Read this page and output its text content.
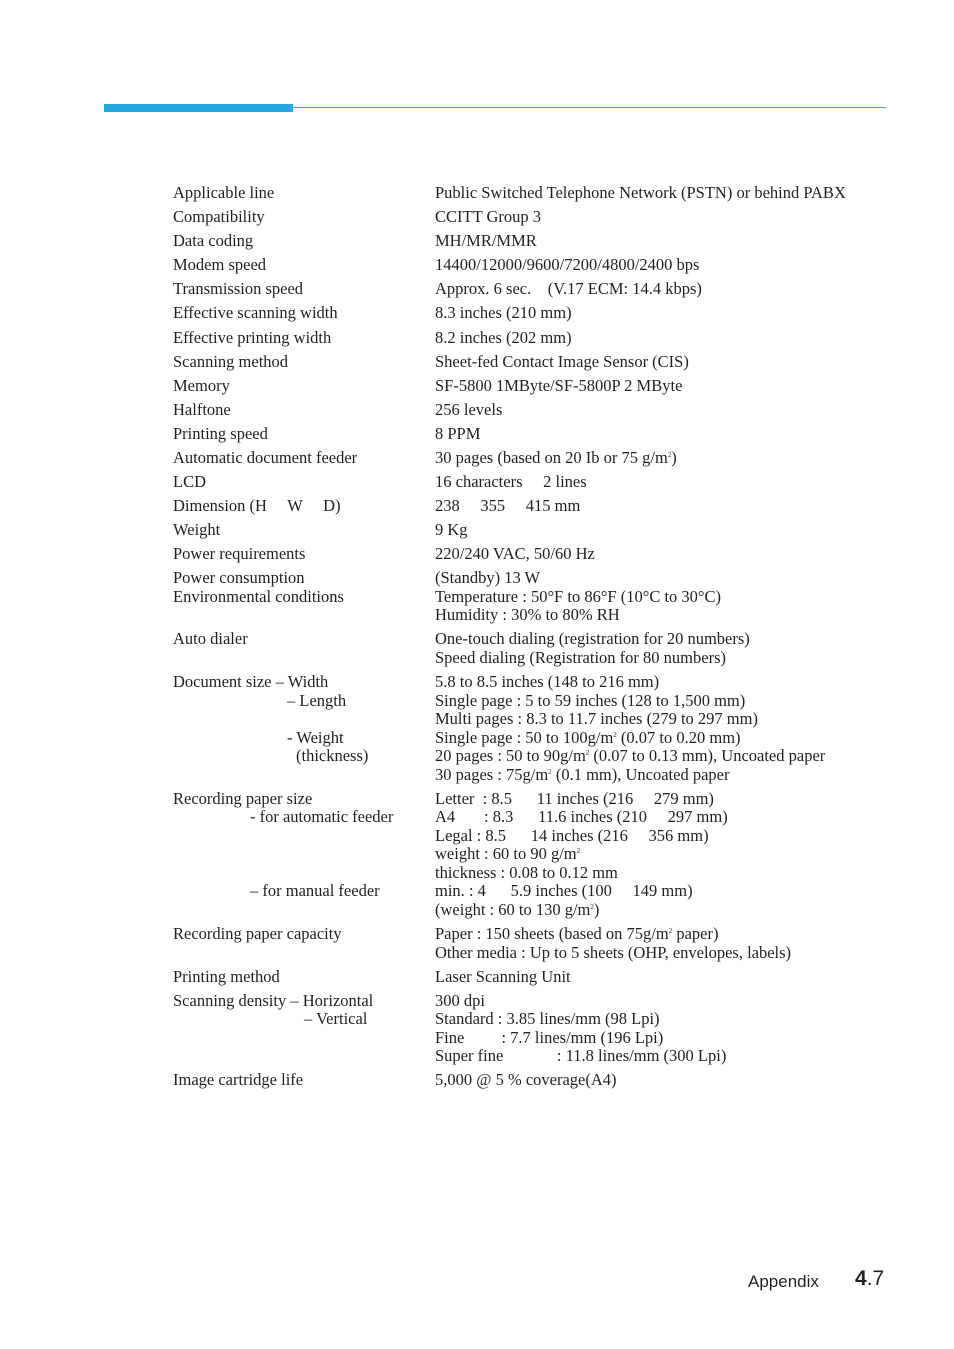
Applicable line	Public Switched Telephone Network (PSTN) or behind PABX
Compatibility	CCITT Group 3
Data coding	MH/MR/MMR
Modem speed	14400/12000/9600/7200/4800/2400 bps
Transmission speed	Approx. 6 sec.    (V.17 ECM: 14.4 kbps)
Effective scanning width	8.3 inches (210 mm)
Effective printing width	8.2 inches (202 mm)
Scanning method	Sheet-fed Contact Image Sensor (CIS)
Memory	SF-5800 1MByte/SF-5800P 2 MByte
Halftone	256 levels
Printing speed	8 PPM
Automatic document feeder	30 pages (based on 20 Ib or 75 $g/m^2$)
LCD	16 characters     2 lines
Dimension (H     W     D)	238     355     415 mm
Weight	9 Kg
Power requirements	220/240 VAC, 50/60 Hz
Power consumption	(Standby) 13 W
Environmental conditions	Temperature : 50°F to 86°F (10°C to 30°C)
Humidity : 30% to 80% RH
Auto dialer	One-touch dialing (registration for 20 numbers)
Speed dialing (Registration for 80 numbers)
Document size – Width	5.8 to 8.5 inches (148 to 216 mm)
– Length	Single page : 5 to 59 inches (128 to 1,500 mm)
Multi pages : 8.3 to 11.7 inches (279 to 297 mm)
- Weight	Single page : 50 to $100g/m^2$ (0.07 to 0.20 mm)
(thickness)	20 pages : 50 to $90g/m^2$ (0.07 to 0.13 mm), Uncoated paper
30 pages : $75g/m^2$ (0.1 mm), Uncoated paper
Recording paper size	Letter  : 8.5      11 inches (216     279 mm)
- for automatic feeder	A4       : 8.3      11.6 inches (210     297 mm)
Legal : 8.5      14 inches (216     356 mm)
weight : 60 to 90 $g/m^2$
thickness : 0.08 to 0.12 mm
– for manual feeder	min. : 4      5.9 inches (100     149 mm)
(weight : 60 to 130 $g/m^2$)
Recording paper capacity	Paper : 150 sheets (based on $75g/m^2$ paper)
Other media : Up to 5 sheets (OHP, envelopes, labels)
Printing method	Laser Scanning Unit
Scanning density – Horizontal	300 dpi
– Vertical	Standard : 3.85 lines/mm (98 Lpi)
Fine         : 7.7 lines/mm (196 Lpi)
Super fine             : 11.8 lines/mm (300 Lpi)
Image cartridge life	5,000 @ 5 % coverage(A4)
Appendix 4.7
